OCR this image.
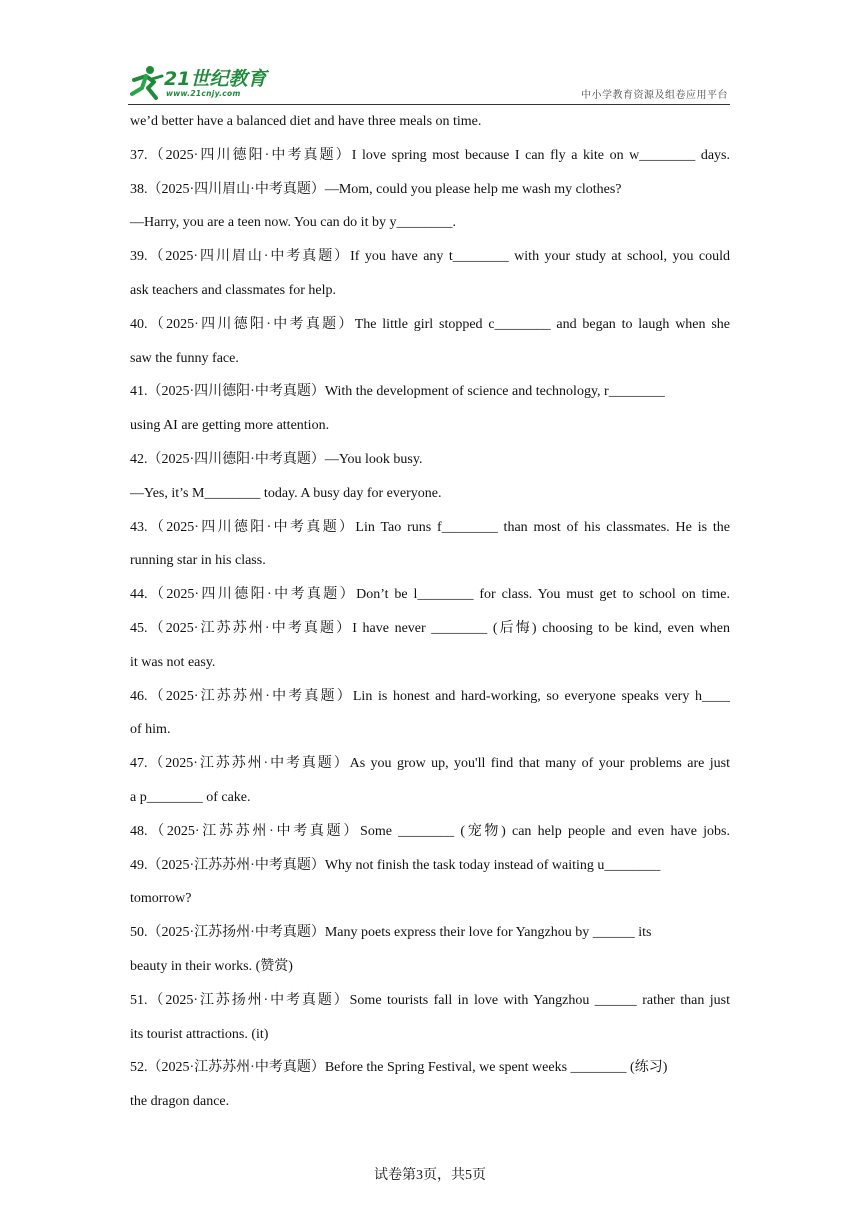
21世纪教育
www.21cnjy.com	中小学教育资源及组卷应用平台
we’d better have a balanced diet and have three meals on time.
37.（2025·四川德阳·中考真题）I love spring most because I can fly a kite on w________ days.
38.（2025·四川眉山·中考真题）—Mom, could you please help me wash my clothes?
—Harry, you are a teen now. You can do it by y________.
39.（2025·四川眉山·中考真题）If you have any t________ with your study at school, you could
ask teachers and classmates for help.
40.（2025·四川德阳·中考真题）The little girl stopped c________ and began to laugh when she
saw the funny face.
41.（2025·四川德阳·中考真题）With the development of science and technology, r________
using AI are getting more attention.
42.（2025·四川德阳·中考真题）—You look busy.
—Yes, it’s M________ today. A busy day for everyone.
43.（2025·四川德阳·中考真题）Lin Tao runs f________ than most of his classmates. He is the
running star in his class.
44.（2025·四川德阳·中考真题）Don’t be l________ for class. You must get to school on time.
45.（2025·江苏苏州·中考真题）I have never ________ (后悔) choosing to be kind, even when
it was not easy.
46.（2025·江苏苏州·中考真题）Lin is honest and hard-working, so everyone speaks very h____
of him.
47.（2025·江苏苏州·中考真题）As you grow up, you'll find that many of your problems are just
a p________ of cake.
48.（2025·江苏苏州·中考真题）Some ________ (宠物) can help people and even have jobs.
49.（2025·江苏苏州·中考真题）Why not finish the task today instead of waiting u________
tomorrow?
50.（2025·江苏扬州·中考真题）Many poets express their love for Yangzhou by ______ its
beauty in their works. (赞赏)
51.（2025·江苏扬州·中考真题）Some tourists fall in love with Yangzhou ______ rather than just
its tourist attractions. (it)
52.（2025·江苏苏州·中考真题）Before the Spring Festival, we spent weeks ________ (练习)
the dragon dance.
试卷第3页，共5页
